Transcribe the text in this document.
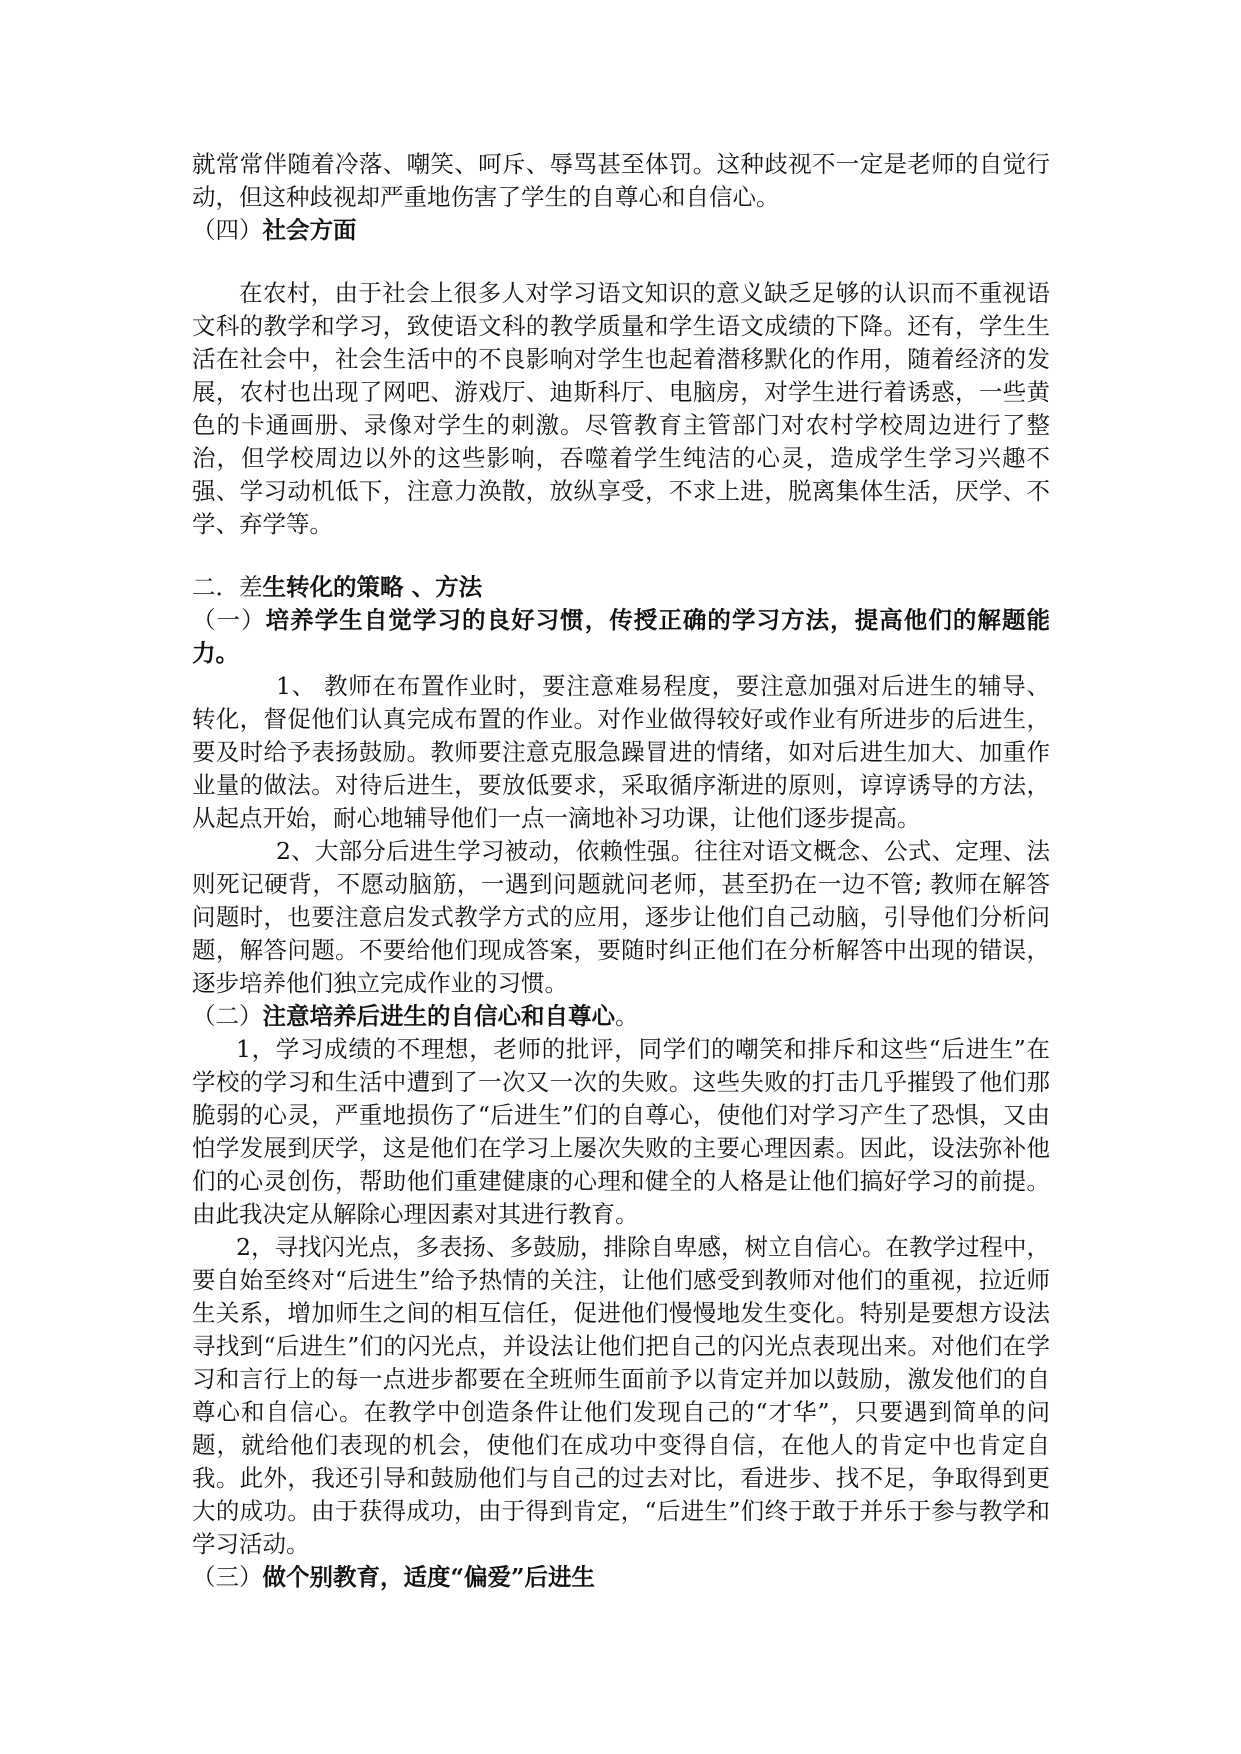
就常常伴随着冷落、嘲笑、呵斥、辱骂甚至体罚。这种歧视不一定是老师的自觉行动，但这种歧视却严重地伤害了学生的自尊心和自信心。

（四）社会方面

在农村，由于社会上很多人对学习语文知识的意义缺乏足够的认识而不重视语文科的教学和学习，致使语文科的教学质量和学生语文成绩的下降。还有，学生生活在社会中，社会生活中的不良影响对学生也起着潜移默化的作用，随着经济的发展，农村也出现了网吧、游戏厅、迪斯科厅、电脑房，对学生进行着诱惑，一些黄色的卡通画册、录像对学生的刺激。尽管教育主管部门对农村学校周边进行了整治，但学校周边以外的这些影响，吞噬着学生纯洁的心灵，造成学生学习兴趣不强、学习动机低下，注意力涣散，放纵享受，不求上进，脱离集体生活，厌学、不学、弃学等。

二．差生转化的策略 、方法

（一）培养学生自觉学习的良好习惯，传授正确的学习方法，提高他们的解题能力。

1、 教师在布置作业时，要注意难易程度，要注意加强对后进生的辅导、转化，督促他们认真完成布置的作业。对作业做得较好或作业有所进步的后进生，要及时给予表扬鼓励。教师要注意克服急躁冒进的情绪，如对后进生加大、加重作业量的做法。对待后进生，要放低要求，采取循序渐进的原则，谆谆诱导的方法，从起点开始，耐心地辅导他们一点一滴地补习功课，让他们逐步提高。

2、大部分后进生学习被动，依赖性强。往往对语文概念、公式、定理、法则死记硬背，不愿动脑筋，一遇到问题就问老师，甚至扔在一边不管; 教师在解答问题时，也要注意启发式教学方式的应用，逐步让他们自己动脑，引导他们分析问题，解答问题。不要给他们现成答案，要随时纠正他们在分析解答中出现的错误，逐步培养他们独立完成作业的习惯。

（二）注意培养后进生的自信心和自尊心。

1，学习成绩的不理想，老师的批评，同学们的嘲笑和排斥和这些“后进生”在学校的学习和生活中遭到了一次又一次的失败。这些失败的打击几乎摧毁了他们那脆弱的心灵，严重地损伤了“后进生”们的自尊心，使他们对学习产生了恐惧，又由怕学发展到厌学，这是他们在学习上屡次失败的主要心理因素。因此，设法弥补他们的心灵创伤，帮助他们重建健康的心理和健全的人格是让他们搞好学习的前提。由此我决定从解除心理因素对其进行教育。

2，寻找闪光点，多表扬、多鼓励，排除自卑感，树立自信心。在教学过程中，要自始至终对“后进生”给予热情的关注，让他们感受到教师对他们的重视，拉近师生关系，增加师生之间的相互信任，促进他们慢慢地发生变化。特别是要想方设法寻找到“后进生”们的闪光点，并设法让他们把自己的闪光点表现出来。对他们在学习和言行上的每一点进步都要在全班师生面前予以肯定并加以鼓励，激发他们的自尊心和自信心。在教学中创造条件让他们发现自己的“才华”，只要遇到简单的问题，就给他们表现的机会，使他们在成功中变得自信，在他人的肯定中也肯定自我。此外，我还引导和鼓励他们与自己的过去对比，看进步、找不足，争取得到更大的成功。由于获得成功，由于得到肯定，“后进生”们终于敢于并乐于参与教学和学习活动。

（三）做个别教育，适度“偏爱”后进生
